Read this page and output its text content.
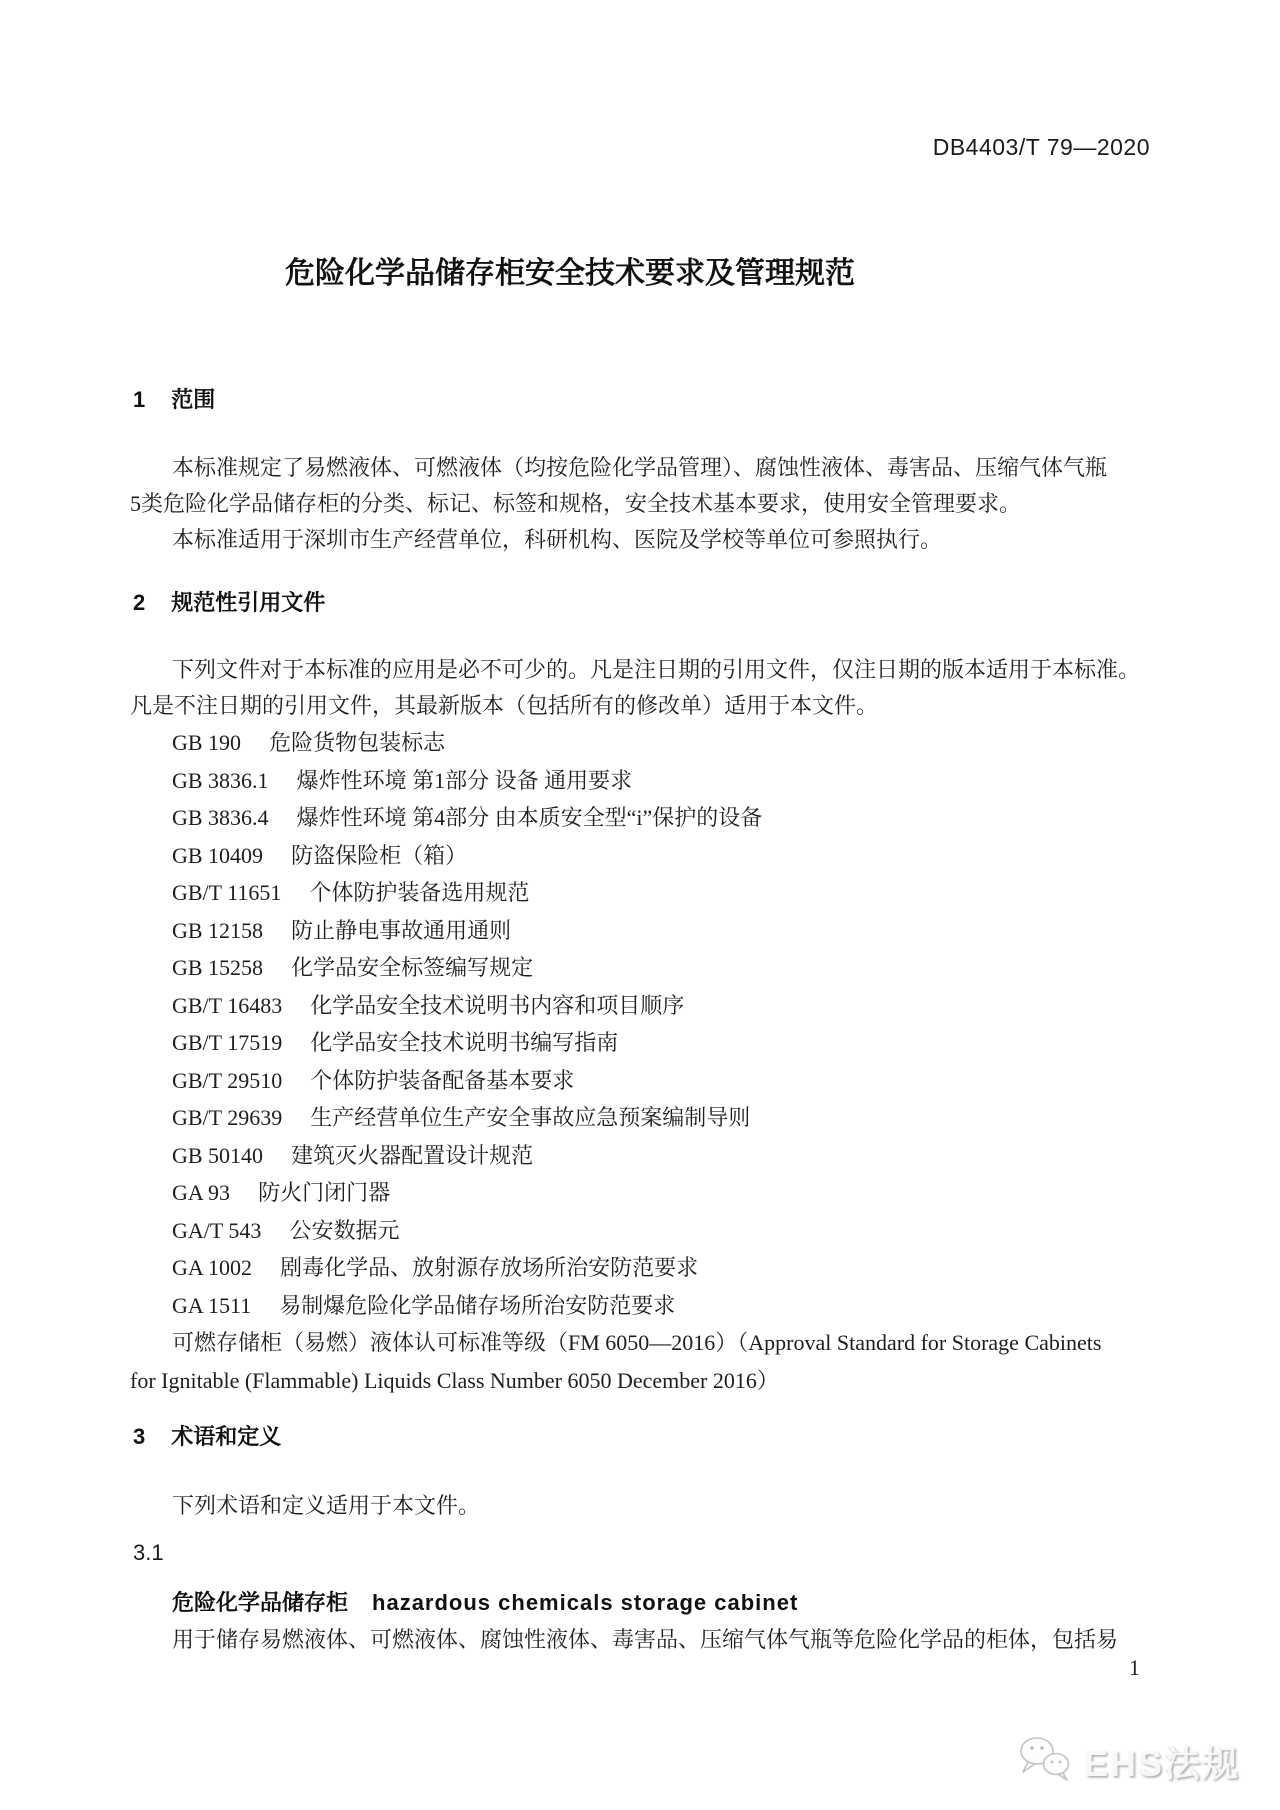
DB4403/T 79—2020
危险化学品储存柜安全技术要求及管理规范
1 范围

本标准规定了易燃液体、可燃液体（均按危险化学品管理）、腐蚀性液体、毒害品、压缩气体气瓶

5类危险化学品储存柜的分类、标记、标签和规格，安全技术基本要求，使用安全管理要求。

本标准适用于深圳市生产经营单位，科研机构、医院及学校等单位可参照执行。

2 规范性引用文件

下列文件对于本标准的应用是必不可少的。凡是注日期的引用文件，仅注日期的版本适用于本标准。

凡是不注日期的引用文件，其最新版本（包括所有的修改单）适用于本文件。

GB 190 危险货物包装标志

GB 3836.1 爆炸性环境 第1部分 设备 通用要求

GB 3836.4 爆炸性环境 第4部分 由本质安全型“i”保护的设备

GB 10409 防盗保险柜（箱）

GB/T 11651 个体防护装备选用规范

GB 12158 防止静电事故通用通则

GB 15258 化学品安全标签编写规定

GB/T 16483 化学品安全技术说明书内容和项目顺序

GB/T 17519 化学品安全技术说明书编写指南

GB/T 29510 个体防护装备配备基本要求

GB/T 29639 生产经营单位生产安全事故应急预案编制导则

GB 50140 建筑灭火器配置设计规范

GA 93 防火门闭门器

GA/T 543 公安数据元

GA 1002 剧毒化学品、放射源存放场所治安防范要求

GA 1511 易制爆危险化学品储存场所治安防范要求

可燃存储柜（易燃）液体认可标准等级（FM 6050—2016）（Approval Standard for Storage Cabinets

for Ignitable (Flammable) Liquids Class Number 6050 December 2016）

3 术语和定义

下列术语和定义适用于本文件。

3.1
危险化学品储存柜 hazardous chemicals storage cabinet

用于储存易燃液体、可燃液体、腐蚀性液体、毒害品、压缩气体气瓶等危险化学品的柜体，包括易

1
EHS法规
